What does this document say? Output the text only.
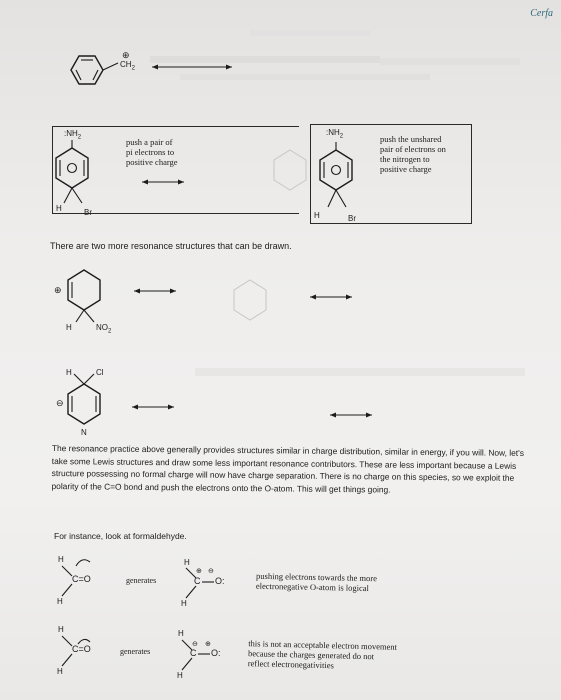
Cerfa
⊕
$CH_2$
$:NH_2$
H	Br
push a pair of
pi electrons to
positive charge
$:NH_2$
H	Br
push the unshared
pair of electrons on
the nitrogen to
positive charge
There are two more resonance structures that can be drawn.
⊕
H	$NO_2$
H	Cl
⊖
N
The resonance practice above generally provides structures similar in charge distribution, similar in energy, if you will. Now, let's take some Lewis structures and draw some less important resonance contributors. These are less important because a Lewis structure possessing no formal charge will now have charge separation. There is no charge on this species, so we exploit the polarity of the C=O bond and push the electrons onto the O-atom. This will get things going.
For instance, look at formaldehyde.
H
H
C=O	generates
H
H
⊕ ⊖
C O:	pushing electrons towards the more
electronegative O-atom is logical
H
H
C=O	generates
H
H
⊖ ⊕
C O:
this is not an acceptable electron movement
because the charges generated do not
reflect electronegativities
